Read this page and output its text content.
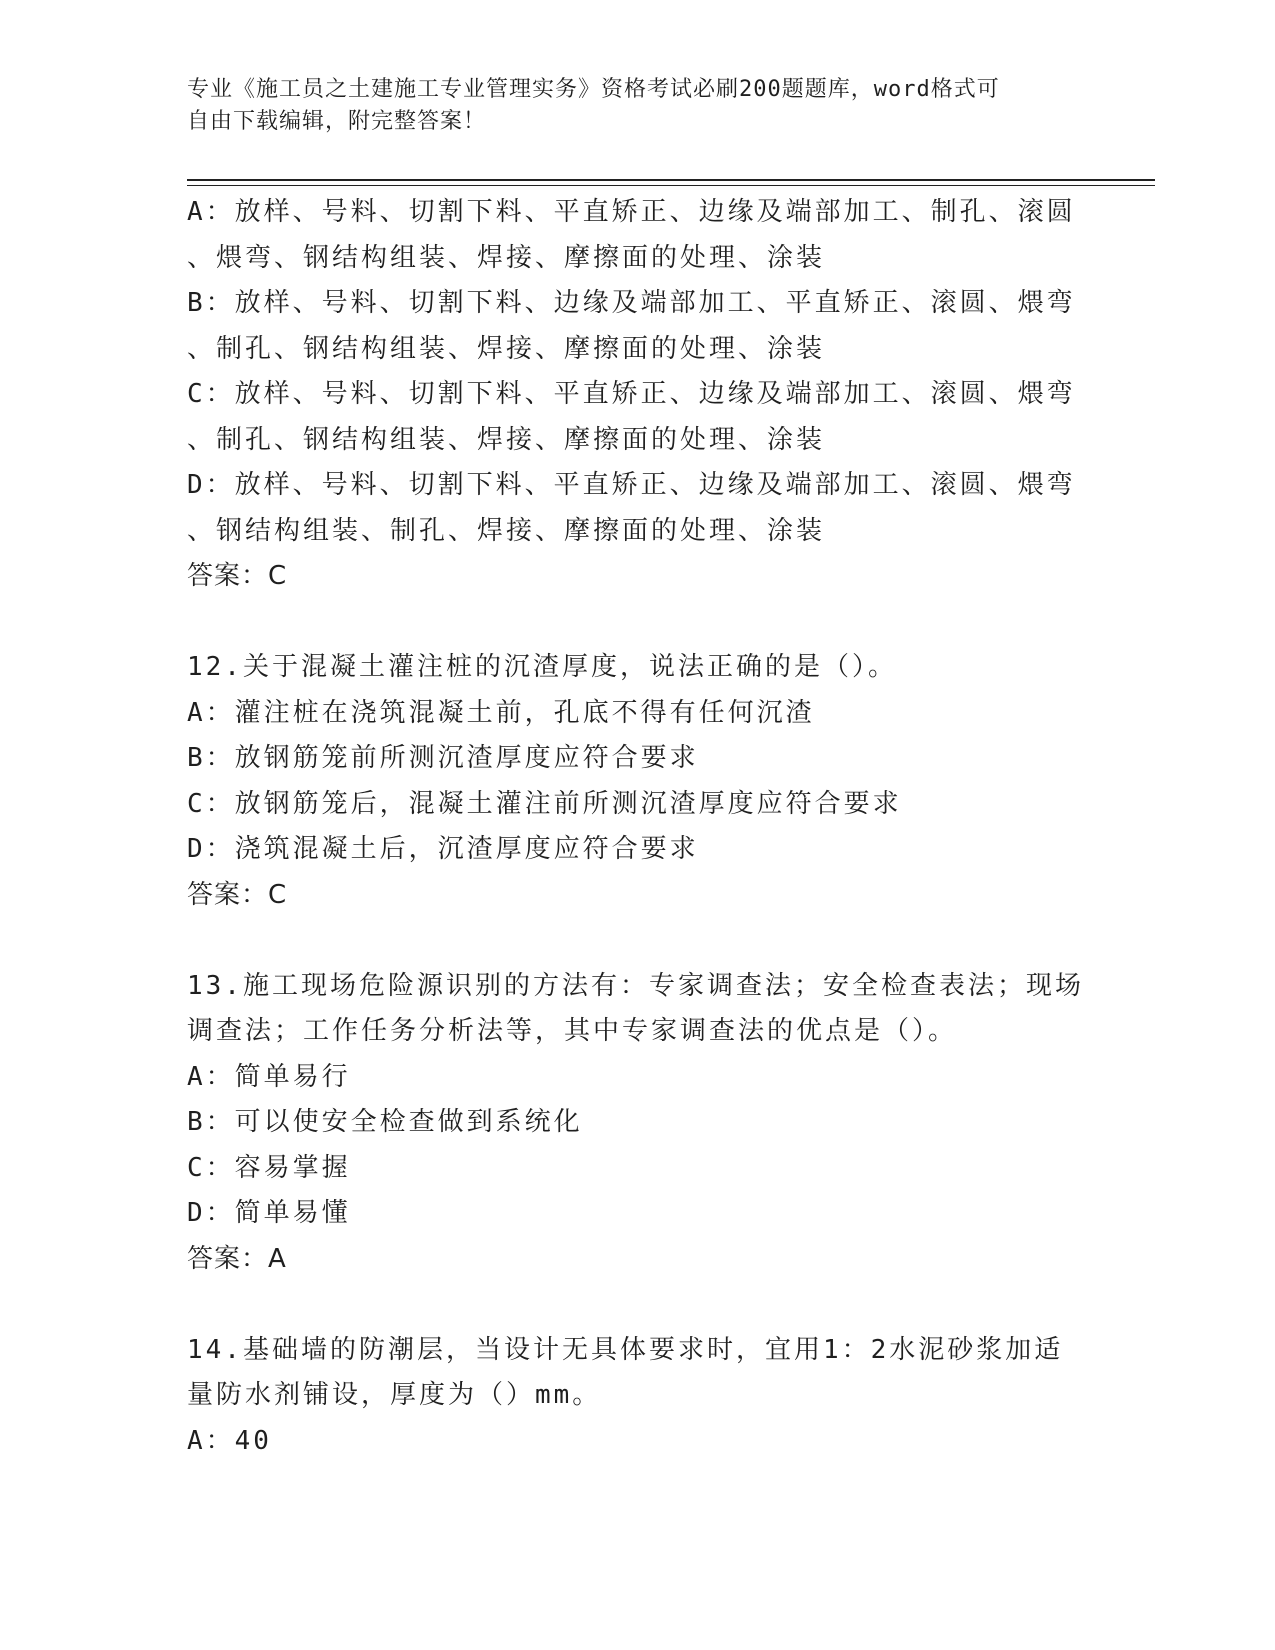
专业《施工员之土建施工专业管理实务》资格考试必刷200题题库，word格式可
自由下载编辑，附完整答案！
A：放样、号料、切割下料、平直矫正、边缘及端部加工、制孔、滚圆
、煨弯、钢结构组装、焊接、摩擦面的处理、涂装
B：放样、号料、切割下料、边缘及端部加工、平直矫正、滚圆、煨弯
、制孔、钢结构组装、焊接、摩擦面的处理、涂装
C：放样、号料、切割下料、平直矫正、边缘及端部加工、滚圆、煨弯
、制孔、钢结构组装、焊接、摩擦面的处理、涂装
D：放样、号料、切割下料、平直矫正、边缘及端部加工、滚圆、煨弯
、钢结构组装、制孔、焊接、摩擦面的处理、涂装
答案：C
12.关于混凝土灌注桩的沉渣厚度，说法正确的是（）。
A：灌注桩在浇筑混凝土前，孔底不得有任何沉渣
B：放钢筋笼前所测沉渣厚度应符合要求
C：放钢筋笼后，混凝土灌注前所测沉渣厚度应符合要求
D：浇筑混凝土后，沉渣厚度应符合要求
答案：C
13.施工现场危险源识别的方法有：专家调查法；安全检查表法；现场
调查法；工作任务分析法等，其中专家调查法的优点是（）。
A：简单易行
B：可以使安全检查做到系统化
C：容易掌握
D：简单易懂
答案：A
14.基础墙的防潮层，当设计无具体要求时，宜用1：2水泥砂浆加适
量防水剂铺设，厚度为（）mm。
A：40
